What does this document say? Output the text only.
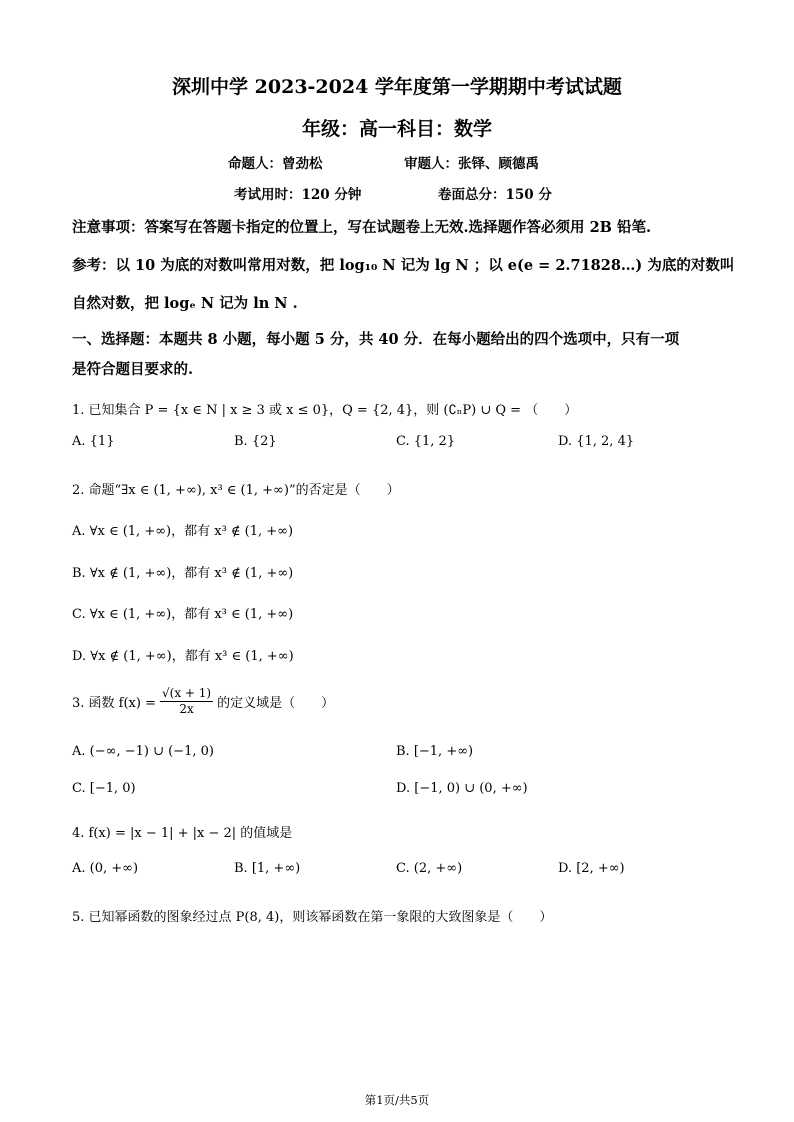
深圳中学 2023-2024 学年度第一学期期中考试试题
年级：高一科目：数学
命题人：曾劲松	审题人：张铎、顾德禹
考试用时：120 分钟	卷面总分：150 分
注意事项：答案写在答题卡指定的位置上，写在试题卷上无效.选择题作答必须用 2B 铅笔.
参考：以 10 为底的对数叫常用对数，把 log₁₀ N 记为 lg N ；以 e(e = 2.71828…) 为底的对数叫
自然对数，把 logₑ N 记为 ln N .
一、选择题：本题共 8 小题，每小题 5 分，共 40 分．在每小题给出的四个选项中，只有一项
是符合题目要求的.
1. 已知集合 P = {x ∈ N | x ≥ 3 或 x ≤ 0}，Q = {2, 4}，则 (∁ₙP) ∪ Q = （　　）
A. {1}	B. {2}	C. {1, 2}	D. {1, 2, 4}
2. 命题“∃x ∈ (1, +∞), x³ ∈ (1, +∞)”的否定是（　　）
A. ∀x ∈ (1, +∞)，都有 x³ ∉ (1, +∞)
B. ∀x ∉ (1, +∞)，都有 x³ ∉ (1, +∞)
C. ∀x ∈ (1, +∞)，都有 x³ ∈ (1, +∞)
D. ∀x ∉ (1, +∞)，都有 x³ ∈ (1, +∞)
3. 函数 $f(x) = \frac{√(x + 1)}{2x}$ 的定义域是（　　）
A. (−∞, −1) ∪ (−1, 0)	B. [−1, +∞)
C. [−1, 0)	D. [−1, 0) ∪ (0, +∞)
4. f(x) = |x − 1| + |x − 2| 的值域是
A. (0, +∞)	B. [1, +∞)	C. (2, +∞)	D. [2, +∞)
5. 已知幂函数的图象经过点 P(8, 4)，则该幂函数在第一象限的大致图象是（　　）
第1页/共5页
